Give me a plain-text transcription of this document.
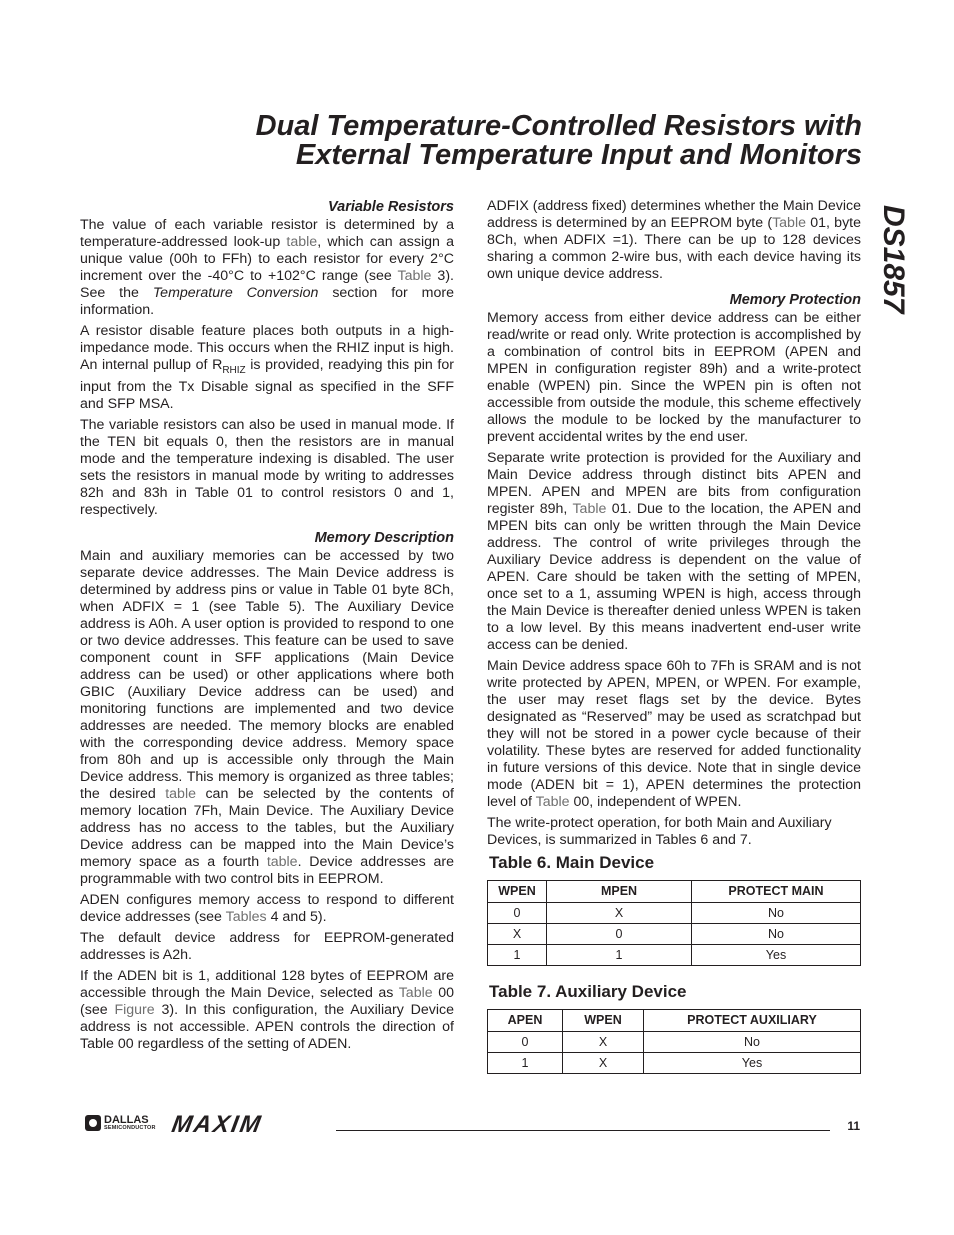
Dual Temperature-Controlled Resistors with
External Temperature Input and Monitors
DS1857
Variable Resistors

The value of each variable resistor is determined by a temperature-addressed look-up table, which can assign a unique value (00h to FFh) to each resistor for every 2°C increment over the -40°C to +102°C range (see Table 3). See the Temperature Conversion section for more information.

A resistor disable feature places both outputs in a high-impedance mode. This occurs when the RHIZ input is high. An internal pullup of $R_{RHIZ}$ is provided, readying this pin for input from the Tx Disable signal as specified in the SFF and SFP MSA.

The variable resistors can also be used in manual mode. If the TEN bit equals 0, then the resistors are in manual mode and the temperature indexing is disabled. The user sets the resistors in manual mode by writing to addresses 82h and 83h in Table 01 to control resistors 0 and 1, respectively.

Memory Description

Main and auxiliary memories can be accessed by two separate device addresses. The Main Device address is determined by address pins or value in Table 01 byte 8Ch, when ADFIX = 1 (see Table 5). The Auxiliary Device address is A0h. A user option is provided to respond to one or two device addresses. This feature can be used to save component count in SFF applications (Main Device address can be used) or other applications where both GBIC (Auxiliary Device address can be used) and monitoring functions are implemented and two device addresses are needed. The memory blocks are enabled with the corresponding device address. Memory space from 80h and up is accessible only through the Main Device address. This memory is organized as three tables; the desired table can be selected by the contents of memory location 7Fh, Main Device. The Auxiliary Device address has no access to the tables, but the Auxiliary Device address can be mapped into the Main Device’s memory space as a fourth table. Device addresses are programmable with two control bits in EEPROM.

ADEN configures memory access to respond to different device addresses (see Tables 4 and 5).

The default device address for EEPROM-generated addresses is A2h.

If the ADEN bit is 1, additional 128 bytes of EEPROM are accessible through the Main Device, selected as Table 00 (see Figure 3). In this configuration, the Auxiliary Device address is not accessible. APEN controls the direction of Table 00 regardless of the setting of ADEN.

ADFIX (address fixed) determines whether the Main Device address is determined by an EEPROM byte (Table 01, byte 8Ch, when ADFIX =1). There can be up to 128 devices sharing a common 2-wire bus, with each device having its own unique device address.

Memory Protection

Memory access from either device address can be either read/write or read only. Write protection is accomplished by a combination of control bits in EEPROM (APEN and MPEN in configuration register 89h) and a write-protect enable (WPEN) pin. Since the WPEN pin is often not accessible from outside the module, this scheme effectively allows the module to be locked by the manufacturer to prevent accidental writes by the end user.

Separate write protection is provided for the Auxiliary and Main Device address through distinct bits APEN and MPEN. APEN and MPEN are bits from configuration register 89h, Table 01. Due to the location, the APEN and MPEN bits can only be written through the Main Device address. The control of write privileges through the Auxiliary Device address is dependent on the value of APEN. Care should be taken with the setting of MPEN, once set to a 1, assuming WPEN is high, access through the Main Device is thereafter denied unless WPEN is taken to a low level. By this means inadvertent end-user write access can be denied.

Main Device address space 60h to 7Fh is SRAM and is not write protected by APEN, MPEN, or WPEN. For example, the user may reset flags set by the device. Bytes designated as “Reserved” may be used as scratchpad but they will not be stored in a power cycle because of their volatility. These bytes are reserved for added functionality in future versions of this device. Note that in single device mode (ADEN bit = 1), APEN determines the protection level of Table 00, independent of WPEN.

The write-protect operation, for both Main and Auxiliary Devices, is summarized in Tables 6 and 7.

Table 6. Main Device
WPEN	MPEN	PROTECT MAIN
0	X	No
X	0	No
1	1	Yes
Table 7. Auxiliary Device
APEN	WPEN	PROTECT AUXILIARY
0	X	No
1	X	Yes
DALLAS
SEMICONDUCTOR MAXIM	11
